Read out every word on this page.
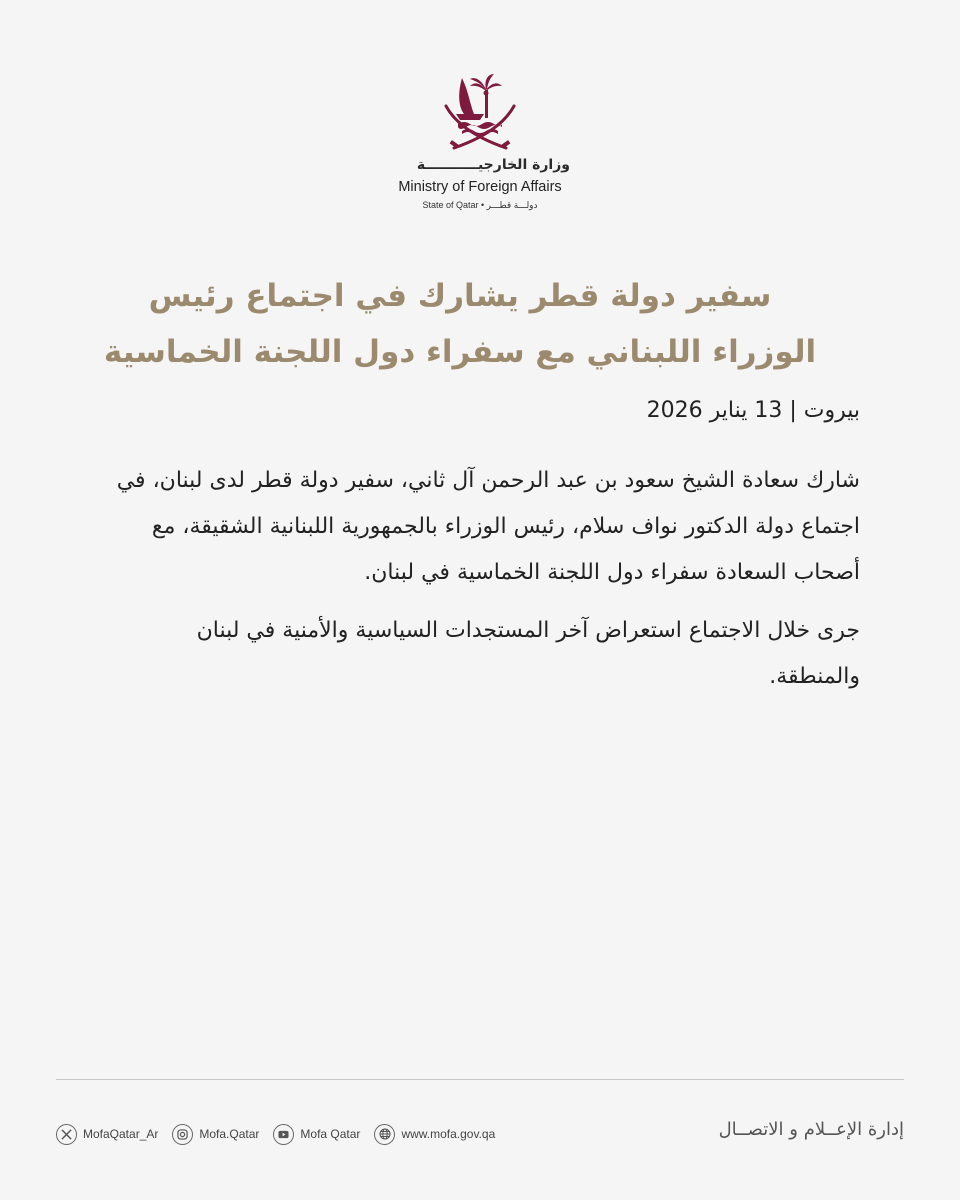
وزارة الخارجيـــــــــــة
Ministry of Foreign Affairs
State of Qatar • دولـــة قطـــر
سفير دولة قطر يشارك في اجتماع رئيس الوزراء اللبناني مع سفراء دول اللجنة الخماسية

بيروت | 13 يناير 2026

شارك سعادة الشيخ سعود بن عبد الرحمن آل ثاني، سفير دولة قطر لدى لبنان، في اجتماع دولة الدكتور نواف سلام، رئيس الوزراء بالجمهورية اللبنانية الشقيقة، مع أصحاب السعادة سفراء دول اللجنة الخماسية في لبنان.

جرى خلال الاجتماع استعراض آخر المستجدات السياسية والأمنية في لبنان والمنطقة.

MofaQatar_Ar	Mofa.Qatar	Mofa Qatar	www.mofa.gov.qa	إدارة الإعــلام و الاتصــال
